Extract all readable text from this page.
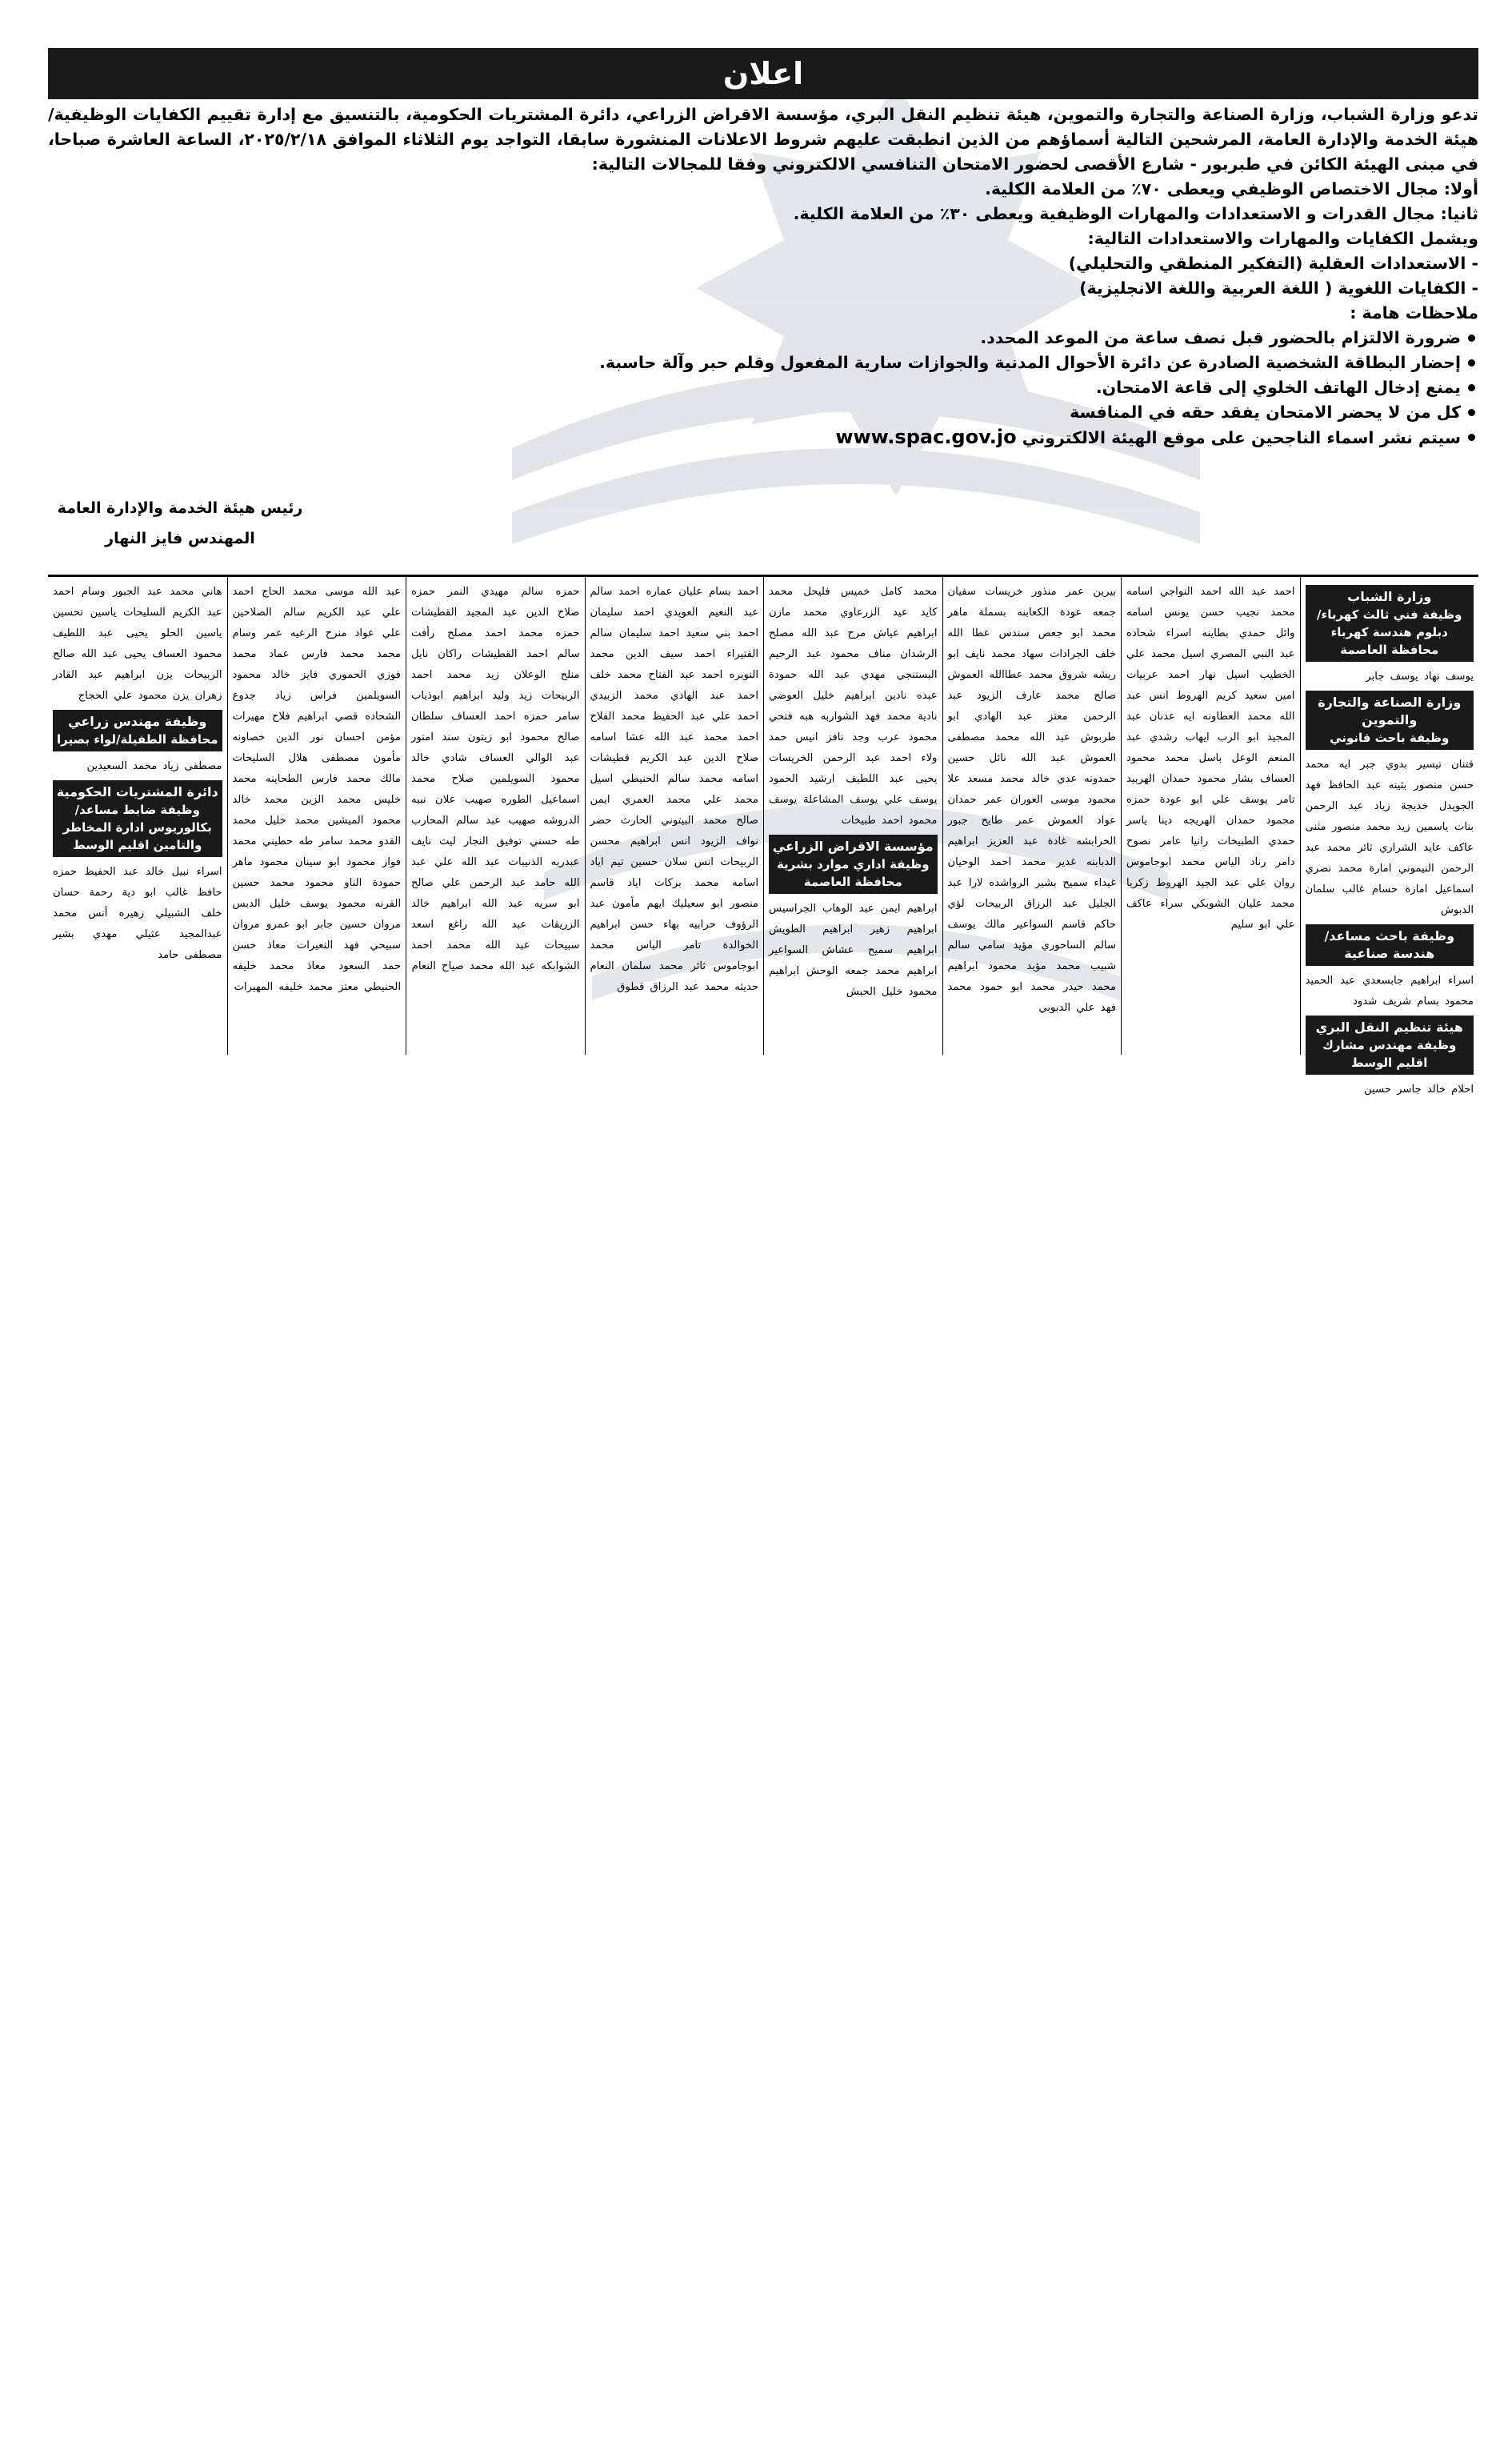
اعلان

تدعو وزارة الشباب، وزارة الصناعة والتجارة والتموين، هيئة تنظيم النقل البري، مؤسسة الاقراض الزراعي، دائرة المشتريات الحكومية، بالتنسيق مع إدارة تقييم الكفايات الوظيفية/هيئة الخدمة والإدارة العامة، المرشحين التالية أسماؤهم من الذين انطبقت عليهم شروط الاعلانات المنشورة سابقا، التواجد يوم الثلاثاء الموافق ٢٠٢٥/٢/١٨، الساعة العاشرة صباحا، في مبنى الهيئة الكائن في طبربور - شارع الأقصى لحضور الامتحان التنافسي الالكتروني وفقا للمجالات التالية:

أولا: مجال الاختصاص الوظيفي ويعطى ٧٠٪ من العلامة الكلية.

ثانيا: مجال القدرات و الاستعدادات والمهارات الوظيفية ويعطى ٣٠٪ من العلامة الكلية.

ويشمل الكفايات والمهارات والاستعدادات التالية:

- الاستعدادات العقلية (التفكير المنطقي والتحليلي)

- الكفايات اللغوية ( اللغة العربية واللغة الانجليزية)

ملاحظات هامة :

ضرورة الالتزام بالحضور قبل نصف ساعة من الموعد المحدد.
إحضار البطاقة الشخصية الصادرة عن دائرة الأحوال المدنية والجوازات سارية المفعول وقلم حبر وآلة حاسبة.
يمنع إدخال الهاتف الخلوي إلى قاعة الامتحان.
كل من لا يحضر الامتحان يفقد حقه في المنافسة
سيتم نشر اسماء الناجحين على موقع الهيئة الالكتروني www.spac.gov.jo
رئيس هيئة الخدمة والإدارة العامة
المهندس فايز النهار
وزارة الشباب
وظيفة فني ثالث كهرباء/ دبلوم هندسة كهرباء محافظة العاصمة
يوسف نهاد يوسف جابر
وزارة الصناعة والتجارة والتموين
وظيفة باحث قانوني
قتنان تيسير بدوي جبر ايه محمد حسن منصور بثينه عبد الحافظ فهد الجويدل خديجة زياد عبد الرحمن بنات ياسمين زيد محمد منصور مثنى عاكف عايد الشراري ثائر محمد عبد الرحمن النيموني امارة محمد نصري اسماعيل امارة حسام غالب سلمان الدبوش
وظيفة باحث مساعد/هندسة صناعية
اسراء ابراهيم جابسعدي عبد الحميد محمود بسام شريف شدود
هيئة تنظيم النقل البري
وظيفة مهندس مشارك اقليم الوسط
احلام خالد جاسر حسين
احمد عبد الله احمد النواجي اسامه محمد نجيب حسن يونس اسامه وائل حمدي بطاينه اسراء شحاده عبد النبي المصري اسيل محمد علي الخطيب اسيل نهار احمد عربيات امين سعيد كريم الهروط انس عبد الله محمد العطاونه ايه عدنان عبد المجيد ابو الرب ايهاب رشدي عبد المنعم الوعل باسل محمد محمود العساف بشار محمود حمدان الهربيد تامر يوسف علي ابو عودة حمزه محمود حمدان الهريجه دينا ياسر حمدي الطبيخات رانيا عامر نصوح دامر رناد الياس محمد ابوجاموس روان علي عبد الجيد الهروط زكريا محمد عليان الشوبكي سراء عاكف علي ابو سليم
بيرين عمر منذور خريسات سفيان جمعه عودة الكعابنه بسملة ماهر محمد ابو جعص سندس عطا الله خلف الجرادات سهاد محمد نايف ابو ريشه شروق محمد عطاالله العموش صالح محمد عارف الزيود عبد الرحمن معتز عبد الهادي ابو طربوش عبد الله محمد مصطفى العموش عبد الله نائل حسين حمدونه عدي خالد محمد مسعد علا محمود موسى العوران عمر حمدان عواد العموش عمر طايح جبور الخرابشه غادة عبد العزيز ابراهيم الدبابنه غدير محمد احمد الوحيان غيداء سميح بشير الرواشده لارا عبد الجليل عبد الرزاق الربيحات لؤي حاكم قاسم السواعير مالك يوسف سالم الساحوري مؤيد سامي سالم شبيب محمد مؤيد محمود ابراهيم محمد حيدر محمد ابو حمود محمد فهد علي الدبوبي
محمد كامل خميس فليحل محمد كايد عيد الزرعاوي محمد مازن ابراهيم عياش مرح عبد الله مصلح الرشدان مناف محمود عبد الرحيم البستنجي مهدي عبد الله حمودة عبده نادين ابراهيم خليل العوضي نادية محمد فهد الشواربه هبه فتحي محمود عرب وجد نافز انيس حمد ولاء احمد عبد الرحمن الخريسات يحيى عبد اللطيف ارشيد الحمود يوسف علي يوسف المشاعلة يوسف محمود احمد طبيخات
مؤسسة الاقراض الزراعي
وظيفة اداري موارد بشرية محافظة العاصمة
ابراهيم ايمن عبد الوهاب الجراسيس ابراهيم زهير ابراهيم الطويش ابراهيم سميح عشاش السواعير ابراهيم محمد جمعه الوحش ابراهيم محمود خليل الحبش
احمد بسام عليان عماره احمد سالم عبد النعيم العويدي احمد سليمان احمد بني سعيد احمد سليمان سالم القتيراء احمد سيف الدين محمد النوبره احمد عبد الفتاح محمد خلف احمد عبد الهادي محمد الزبيدي احمد علي عبد الحفيظ محمد الفلاح احمد محمد عبد الله عشا اسامه صلاح الدين عبد الكريم قطيشات اسامه محمد سالم الحنيطي اسيل محمد علي محمد العمري ايمن صالح محمد البيتوني الحارث حضر نواف الزيود انس ابراهيم محسن الربيحات انس سلان حسين تيم اياد اسامه محمد بركات اياد قاسم منصور ابو سعيليك ايهم مأمون عبد الرؤوف حرابيه بهاء حسن ابراهيم الخوالدة تامر الياس محمد ابوجاموس ثائر محمد سلمان النعام حديثه محمد عبد الرزاق قطوق
حمزه سالم مهيدي النمر حمزه صلاح الدين عبد المجيد القطيشات حمزه محمد احمد مصلح رأفت سالم احمد القطيشات راكان نايل منلح الوعلان زيد محمد احمد الربيحات زيد وليد ابراهيم ابوذياب سامر حمزه احمد العساف سلطان صالح محمود ابو زيتون سند امتور عبد الوالي العساف شادي خالد محمود السويلمين صلاح محمد اسماعيل الطوره صهيب علان نبيه الدروشه صهيب عبد سالم المحارب طه حسني توفيق النجار ليث نايف عبدربه الذنيبات عبد الله علي عبد الله حامد عبد الرحمن علي صالح ابو سريه عبد الله ابراهيم خالد الزريقات عبد الله راغع اسعد سبيحات عبد الله محمد احمد الشوابكه عبد الله محمد صياح النعام
عبد الله موسى محمد الحاج احمد علي عبد الكريم سالم الصلاحين علي عواد منرح الرعيه عمر وسام محمد محمد فارس عماد محمد فوزي الحموري فايز خالد محمود السويلمين فراس زياد جدوع الشحاده قصي ابراهيم فلاح مهيرات مؤمن احسان نور الدين خصاونه مأمون مصطفى هلال السليحات مالك محمد فارس الطحاينه محمد خليس محمد الزين محمد خالد محمود الميشين محمد خليل محمد القدو محمد سامر طه حطيني محمد فواز محمود ابو سينان محمود ماهر حمودة الناو محمود محمد حسين القرنه محمود يوسف خليل الدبس مروان حسين جابر ابو عمرو مروان سبيحي فهد النعيرات معاذ حسن حمد السعود معاذ محمد خليفه الحنيطي معتز محمد خليفه المهيرات
هاني محمد عبد الجبور وسام احمد عبد الكريم السليحات ياسين تحسين ياسين الحلو يحيى عبد اللطيف محمود العساف يحيى عبد الله صالح الربيحات يزن ابراهيم عبد القادر زهران يزن محمود علي الحجاج
وظيفة مهندس زراعي
محافظة الطفيلة/لواء بصيرا
مصطفى زياد محمد السعيدين
دائرة المشتريات الحكومية
وظيفة ضابط مساعد/ بكالوريوس ادارة المخاطر والتامين اقليم الوسط
اسراء نبيل خالد عبد الحفيظ حمزه حافظ غالب ابو دية رحمة حسان خلف الشبيلي زهيره أنس محمد عبدالمجيد عثيلي مهدي بشير مصطفى حامد
